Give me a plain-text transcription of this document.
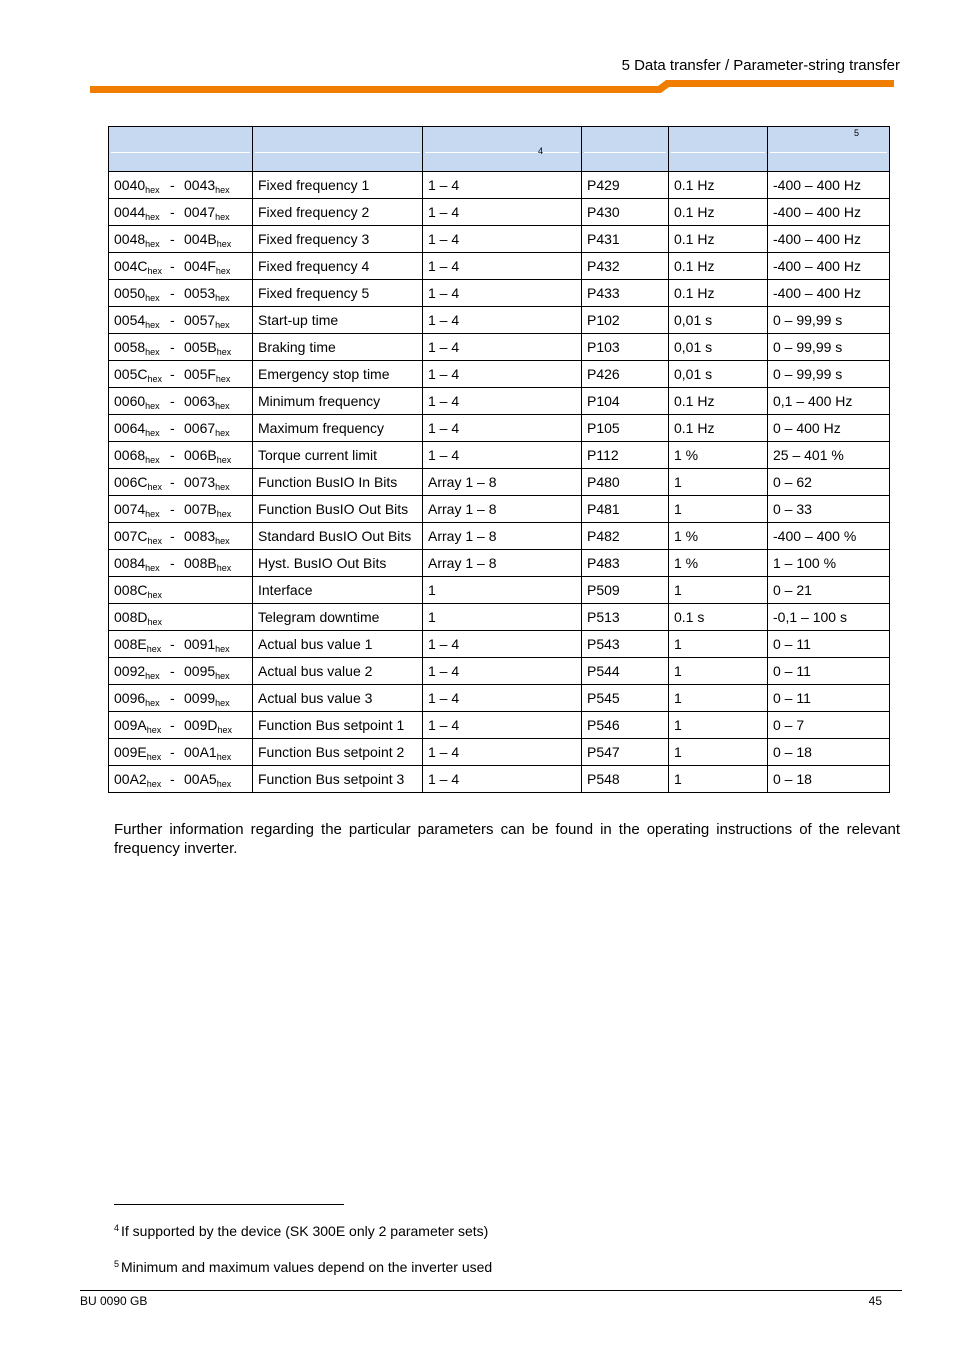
5 Data transfer / Parameter-string transfer

		4			5

$0040_{hex} - 0043_{hex}$	Fixed frequency 1	1 – 4	P429	0.1 Hz	-400 – 400 Hz
$0044_{hex} - 0047_{hex}$	Fixed frequency 2	1 – 4	P430	0.1 Hz	-400 – 400 Hz
$0048_{hex} - 004B_{hex}$	Fixed frequency 3	1 – 4	P431	0.1 Hz	-400 – 400 Hz
$004C_{hex} - 004F_{hex}$	Fixed frequency 4	1 – 4	P432	0.1 Hz	-400 – 400 Hz
$0050_{hex} - 0053_{hex}$	Fixed frequency 5	1 – 4	P433	0.1 Hz	-400 – 400 Hz
$0054_{hex} - 0057_{hex}$	Start-up time	1 – 4	P102	0,01 s	0 – 99,99 s
$0058_{hex} - 005B_{hex}$	Braking time	1 – 4	P103	0,01 s	0 – 99,99 s
$005C_{hex} - 005F_{hex}$	Emergency stop time	1 – 4	P426	0,01 s	0 – 99,99 s
$0060_{hex} - 0063_{hex}$	Minimum frequency	1 – 4	P104	0.1 Hz	0,1 – 400 Hz
$0064_{hex} - 0067_{hex}$	Maximum frequency	1 – 4	P105	0.1 Hz	0 – 400 Hz
$0068_{hex} - 006B_{hex}$	Torque current limit	1 – 4	P112	1 %	25 – 401 %
$006C_{hex} - 0073_{hex}$	Function BusIO In Bits	Array 1 – 8	P480	1	0 – 62
$0074_{hex} - 007B_{hex}$	Function BusIO Out Bits	Array 1 – 8	P481	1	0 – 33
$007C_{hex} - 0083_{hex}$	Standard BusIO Out Bits	Array 1 – 8	P482	1 %	-400 – 400 %
$0084_{hex} - 008B_{hex}$	Hyst. BusIO Out Bits	Array 1 – 8	P483	1 %	1 – 100 %
$008C_{hex}$	Interface	1	P509	1	0 – 21
$008D_{hex}$	Telegram downtime	1	P513	0.1 s	-0,1 – 100 s
$008E_{hex} - 0091_{hex}$	Actual bus value 1	1 – 4	P543	1	0 – 11
$0092_{hex} - 0095_{hex}$	Actual bus value 2	1 – 4	P544	1	0 – 11
$0096_{hex} - 0099_{hex}$	Actual bus value 3	1 – 4	P545	1	0 – 11
$009A_{hex} - 009D_{hex}$	Function Bus setpoint 1	1 – 4	P546	1	0 – 7
$009E_{hex} - 00A1_{hex}$	Function Bus setpoint 2	1 – 4	P547	1	0 – 18
$00A2_{hex} - 00A5_{hex}$	Function Bus setpoint 3	1 – 4	P548	1	0 – 18
Further information regarding the particular parameters can be found in the operating instructions of the relevant frequency inverter.
$^4$ If supported by the device (SK 300E only 2 parameter sets)
$^5$ Minimum and maximum values depend on the inverter used
BU 0090 GB	45
